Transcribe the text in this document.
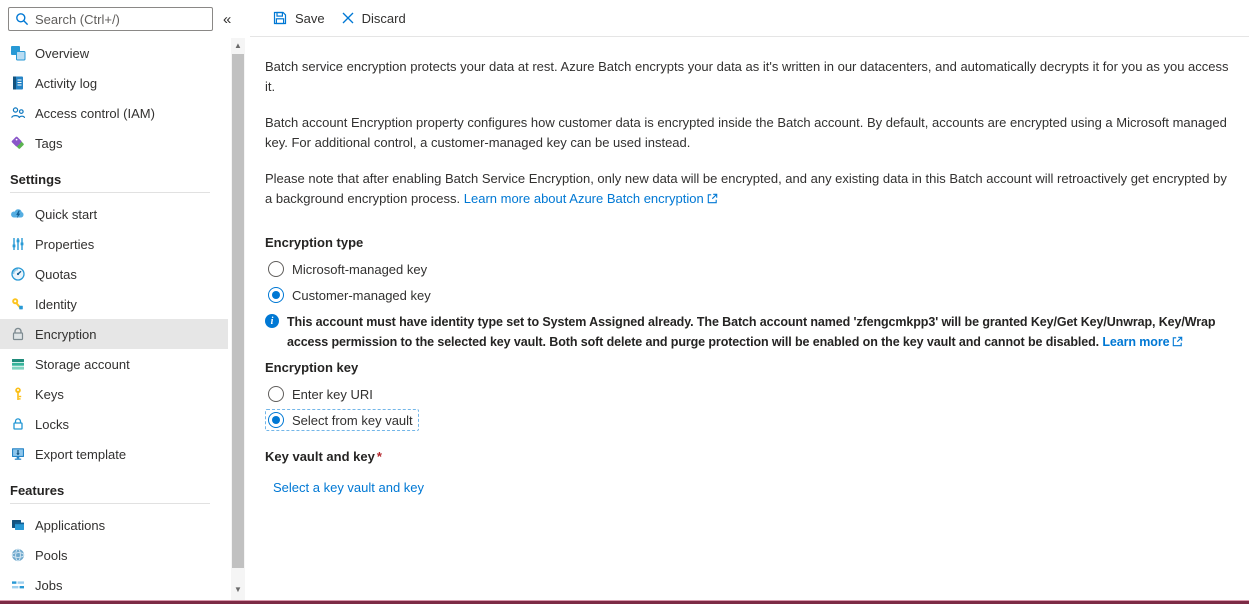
Search (Ctrl+/)
«
Overview
Activity log
Access control (IAM)
Tags
Settings
Quick start
Properties
Quotas
Identity
Encryption
Storage account
Keys
Locks
Export template
Features
Applications
Pools
Jobs
▲
▼
Save	Discard

Batch service encryption protects your data at rest. Azure Batch encrypts your data as it's written in our datacenters, and automatically decrypts it for you as you access it.

Batch account Encryption property configures how customer data is encrypted inside the Batch account. By default, accounts are encrypted using a Microsoft managed key. For additional control, a customer-managed key can be used instead.

Please note that after enabling Batch Service Encryption, only new data will be encrypted, and any existing data in this Batch account will retroactively get encrypted by a background encryption process. Learn more about Azure Batch encryption

Encryption type
Microsoft-managed key
Customer-managed key
i	This account must have identity type set to System Assigned already. The Batch account named 'zfengcmkpp3' will be granted Key/Get Key/Unwrap, Key/Wrap access permission to the selected key vault. Both soft delete and purge protection will be enabled on the key vault and cannot be disabled. Learn more
Encryption key
Enter key URI
Select from key vault
Key vault and key *
Select a key vault and key
